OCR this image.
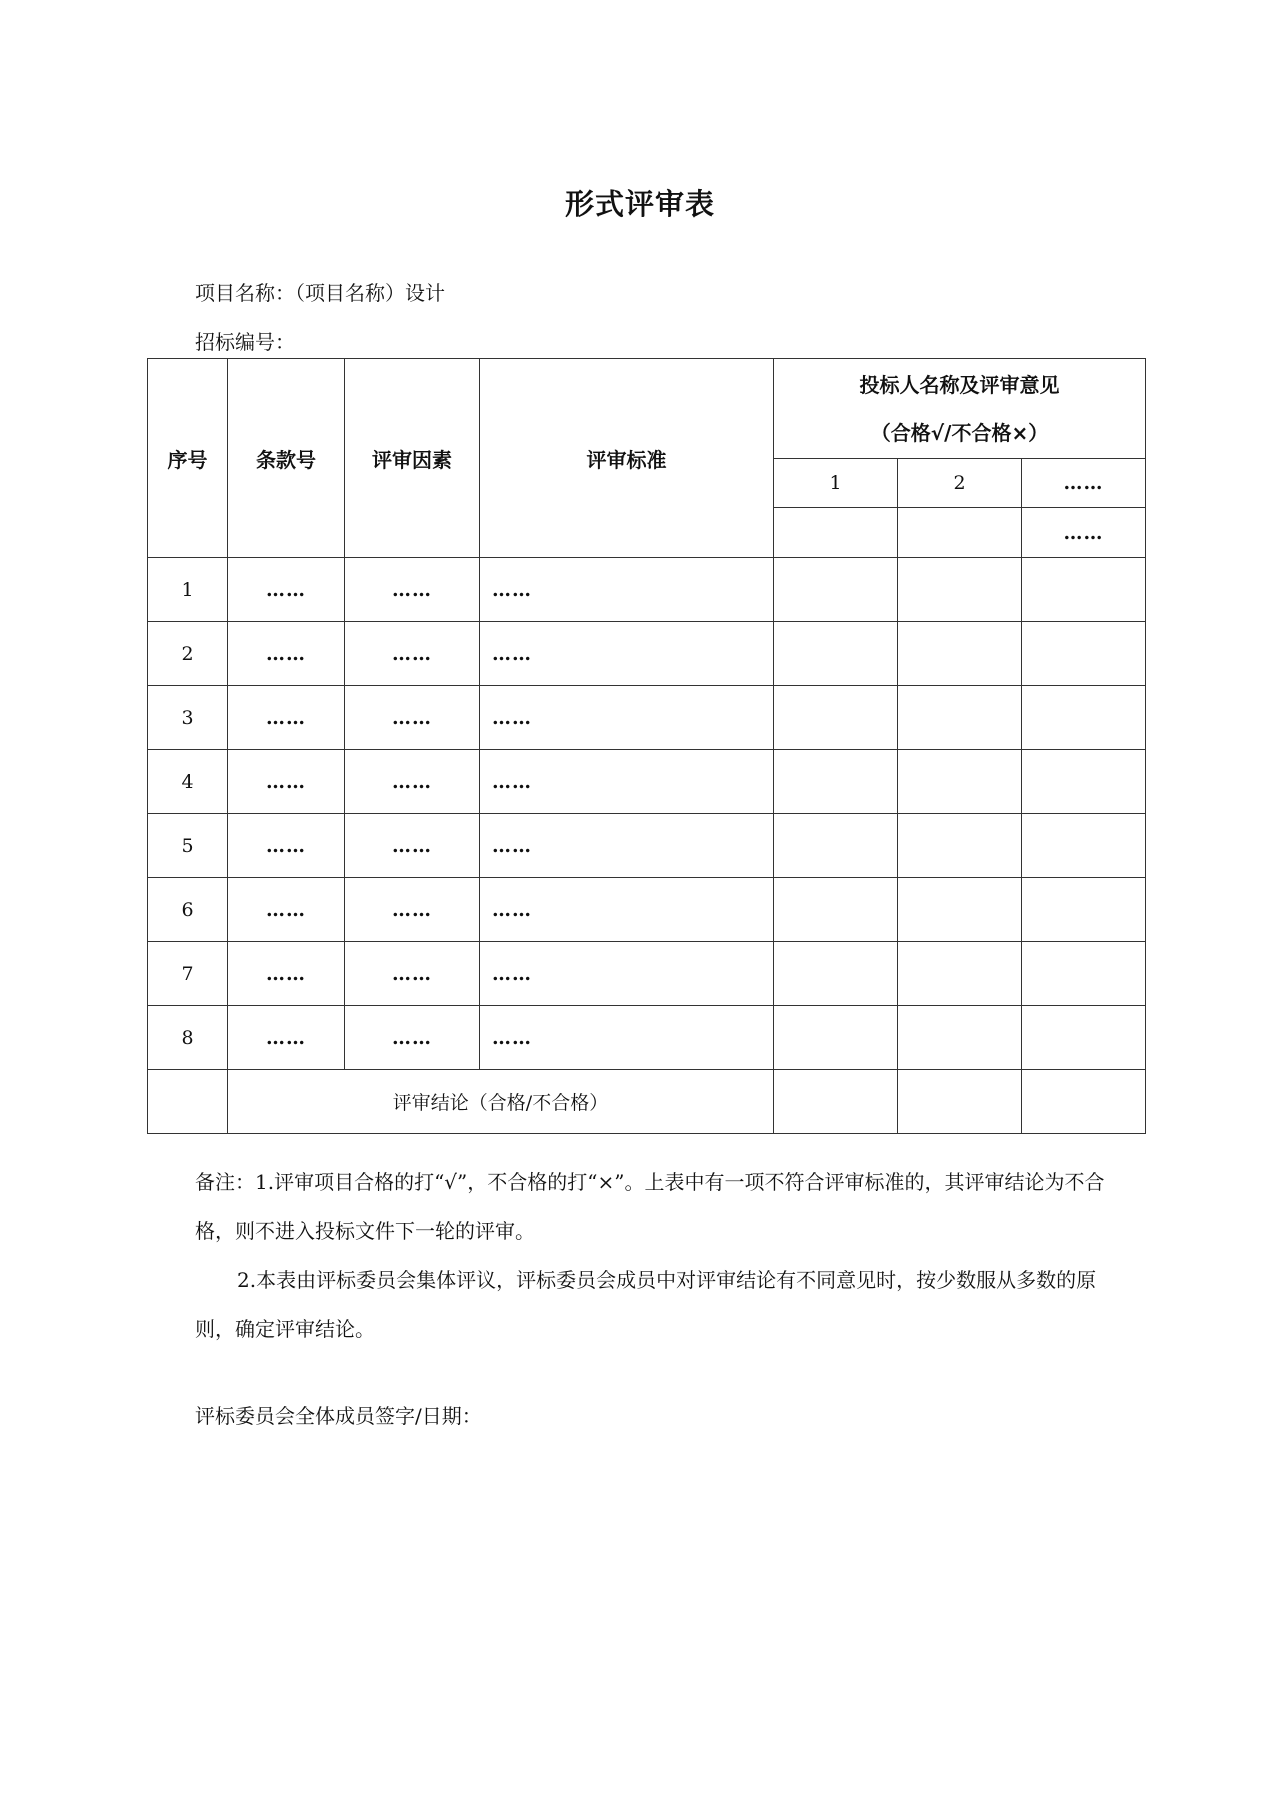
形式评审表
项目名称：（项目名称）设计
招标编号：
序号	条款号	评审因素	评审标准	投标人名称及评审意见
（合格√/不合格×）		

				1	2	……
						……
1	……	……	……			
2	……	……	……			
3	……	……	……			
4	……	……	……			
5	……	……	……			
6	……	……	……			
7	……	……	……			
8	……	……	……			
	评审结论（合格/不合格）					

备注：1.评审项目合格的打“√”，不合格的打“×”。上表中有一项不符合评审标准的，其评审结论为不合格，则不进入投标文件下一轮的评审。

2.本表由评标委员会集体评议，评标委员会成员中对评审结论有不同意见时，按少数服从多数的原则，确定评审结论。

评标委员会全体成员签字/日期：
